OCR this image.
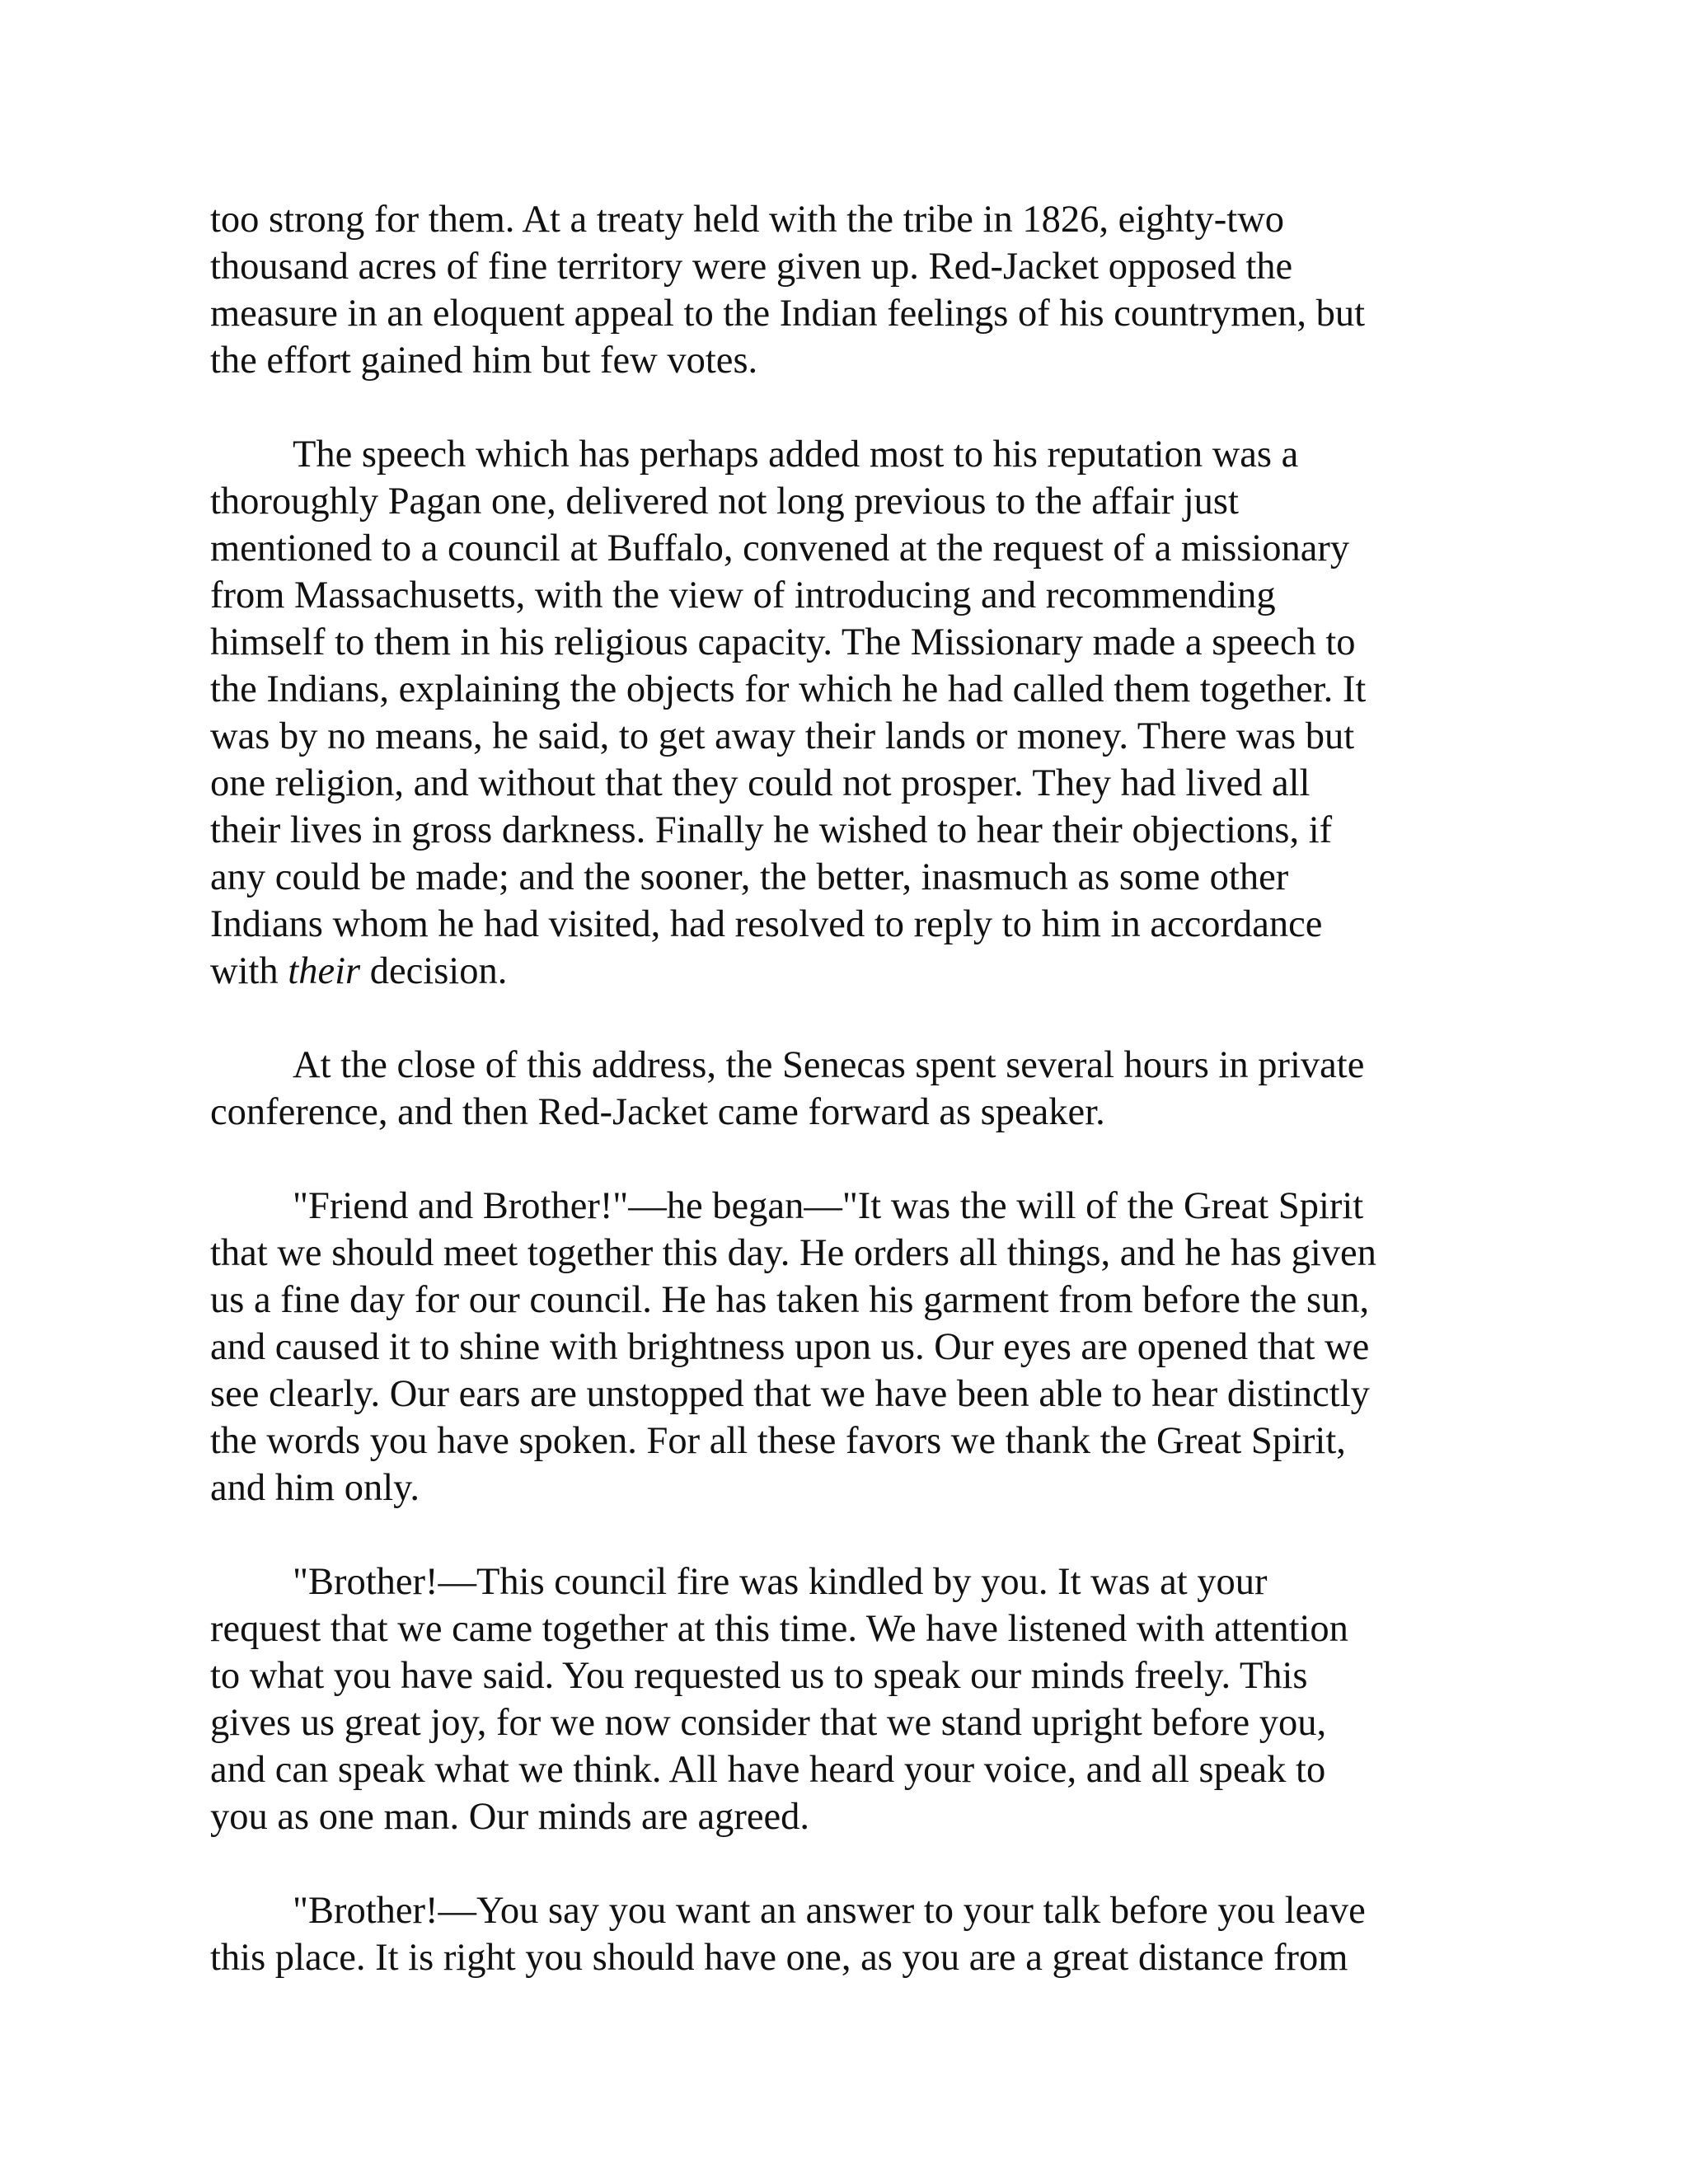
too strong for them. At a treaty held with the tribe in 1826, eighty-two
thousand acres of fine territory were given up. Red-Jacket opposed the
measure in an eloquent appeal to the Indian feelings of his countrymen, but
the effort gained him but few votes.

The speech which has perhaps added most to his reputation was a
thoroughly Pagan one, delivered not long previous to the affair just
mentioned to a council at Buffalo, convened at the request of a missionary
from Massachusetts, with the view of introducing and recommending
himself to them in his religious capacity. The Missionary made a speech to
the Indians, explaining the objects for which he had called them together. It
was by no means, he said, to get away their lands or money. There was but
one religion, and without that they could not prosper. They had lived all
their lives in gross darkness. Finally he wished to hear their objections, if
any could be made; and the sooner, the better, inasmuch as some other
Indians whom he had visited, had resolved to reply to him in accordance
with their decision.

At the close of this address, the Senecas spent several hours in private
conference, and then Red-Jacket came forward as speaker.

"Friend and Brother!"—he began—"It was the will of the Great Spirit
that we should meet together this day. He orders all things, and he has given
us a fine day for our council. He has taken his garment from before the sun,
and caused it to shine with brightness upon us. Our eyes are opened that we
see clearly. Our ears are unstopped that we have been able to hear distinctly
the words you have spoken. For all these favors we thank the Great Spirit,
and him only.

"Brother!—This council fire was kindled by you. It was at your
request that we came together at this time. We have listened with attention
to what you have said. You requested us to speak our minds freely. This
gives us great joy, for we now consider that we stand upright before you,
and can speak what we think. All have heard your voice, and all speak to
you as one man. Our minds are agreed.

"Brother!—You say you want an answer to your talk before you leave
this place. It is right you should have one, as you are a great distance from
